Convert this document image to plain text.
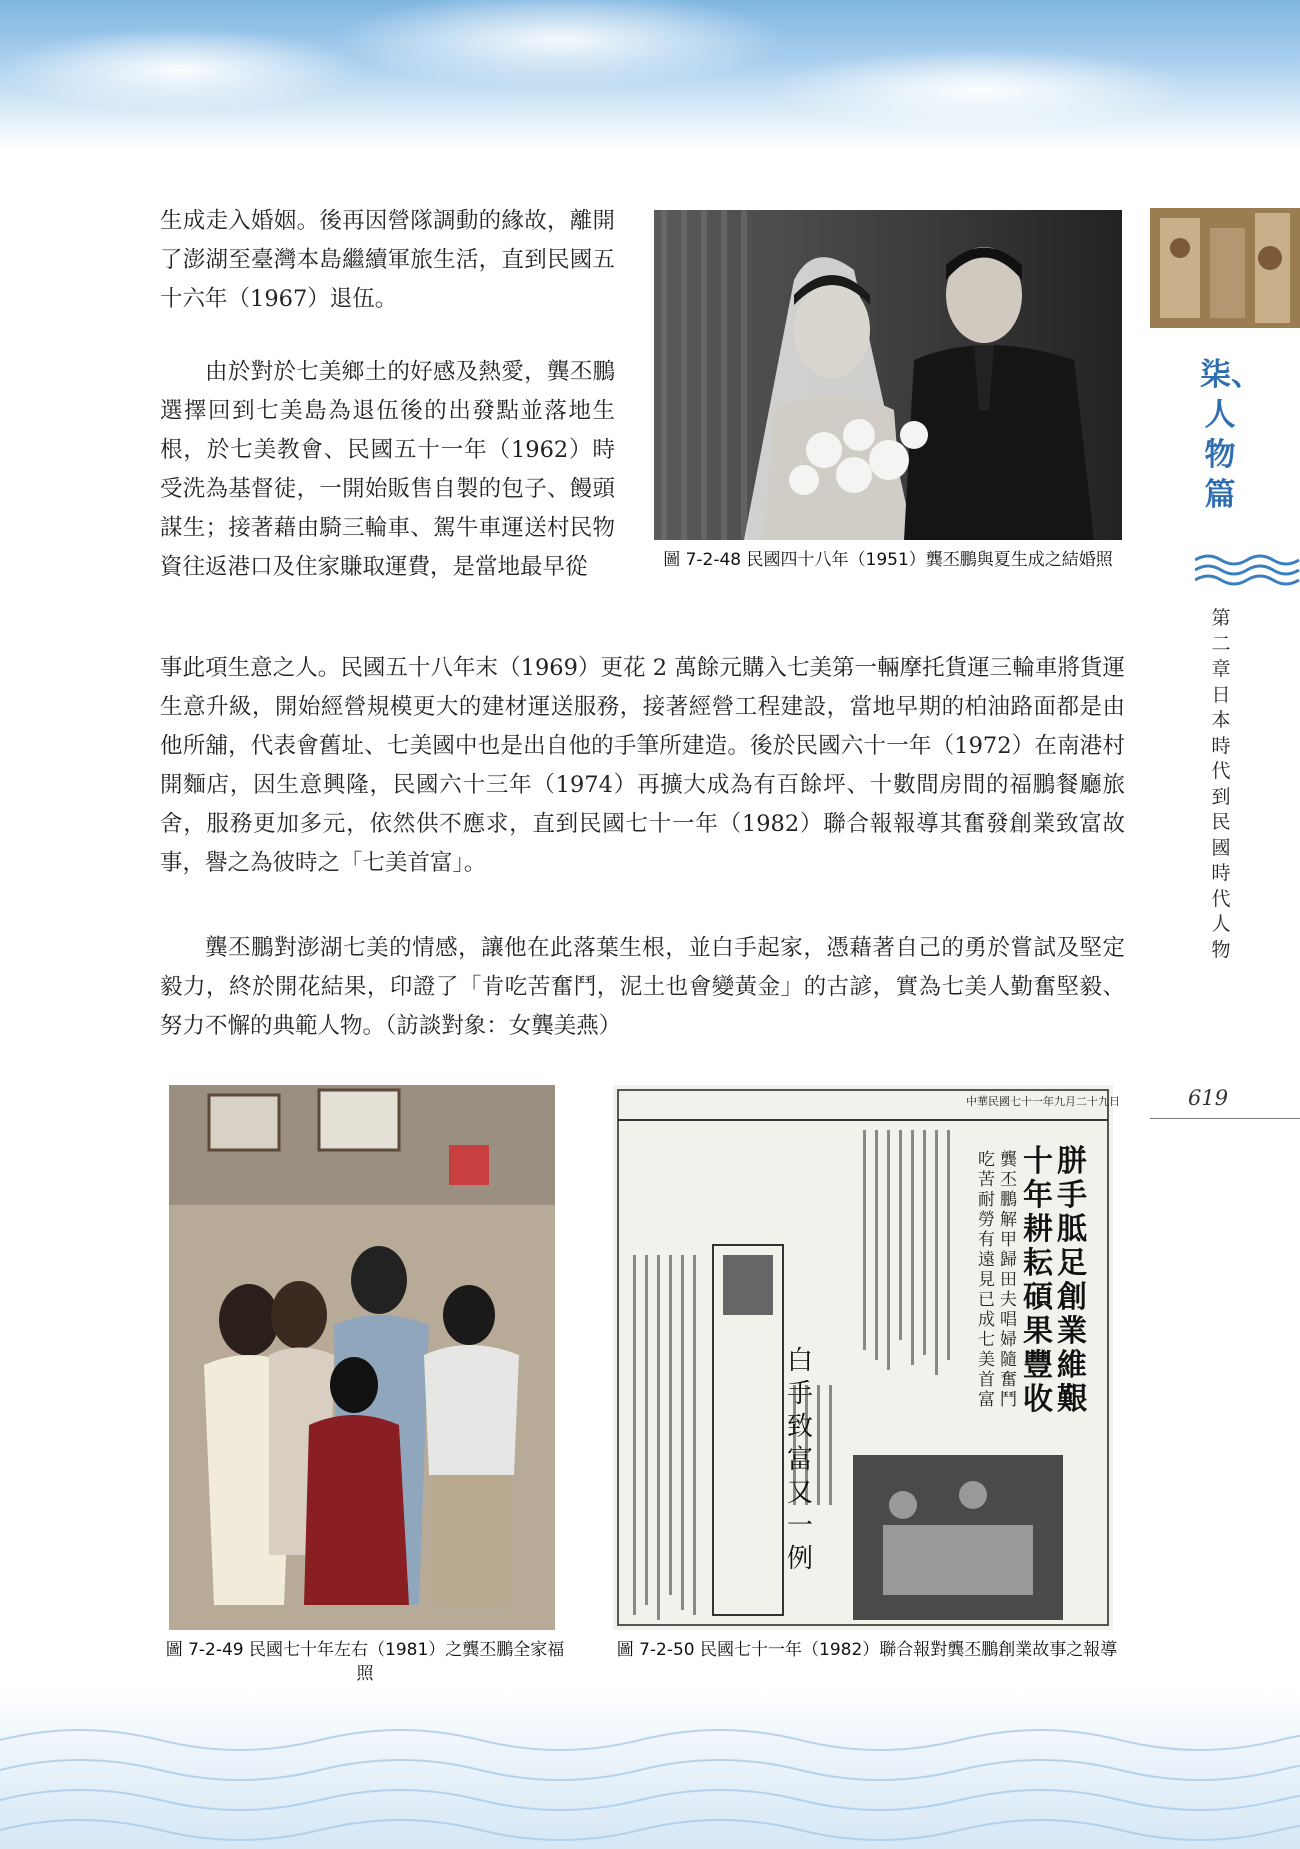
生成走入婚姻。後再因營隊調動的緣故，離開了澎湖至臺灣本島繼續軍旅生活，直到民國五十六年（1967）退伍。

由於對於七美鄉土的好感及熱愛，龔丕鵬選擇回到七美島為退伍後的出發點並落地生根，於七美教會、民國五十一年（1962）時受洗為基督徒，一開始販售自製的包子、饅頭謀生；接著藉由騎三輪車、駕牛車運送村民物資往返港口及住家賺取運費，是當地最早從

事此項生意之人。民國五十八年末（1969）更花 2 萬餘元購入七美第一輛摩托貨運三輪車將貨運生意升級，開始經營規模更大的建材運送服務，接著經營工程建設，當地早期的柏油路面都是由他所舖，代表會舊址、七美國中也是出自他的手筆所建造。後於民國六十一年（1972）在南港村開麵店，因生意興隆，民國六十三年（1974）再擴大成為有百餘坪、十數間房間的福鵬餐廳旅舍，服務更加多元，依然供不應求，直到民國七十一年（1982）聯合報報導其奮發創業致富故事，譽之為彼時之「七美首富」。

龔丕鵬對澎湖七美的情感，讓他在此落葉生根，並白手起家，憑藉著自己的勇於嘗試及堅定毅力，終於開花結果，印證了「肯吃苦奮鬥，泥土也會變黃金」的古諺，實為七美人勤奮堅毅、努力不懈的典範人物。（訪談對象：女龔美燕）

圖 7-2-48 民國四十八年（1951）龔丕鵬與夏生成之結婚照

圖 7-2-49 民國七十年左右（1981）之龔丕鵬全家福照

中華民國七十一年九月二十九日
胼手胝足創業維艱
十年耕耘碩果豐收
龔丕鵬解甲歸田夫唱婦隨奮鬥
吃苦耐勞有遠見已成七美首富
白手致富又一例

圖 7-2-50 民國七十一年（1982）聯合報對龔丕鵬創業故事之報導

柒、人物篇
第二章　日本時代到民國時代人物
619
